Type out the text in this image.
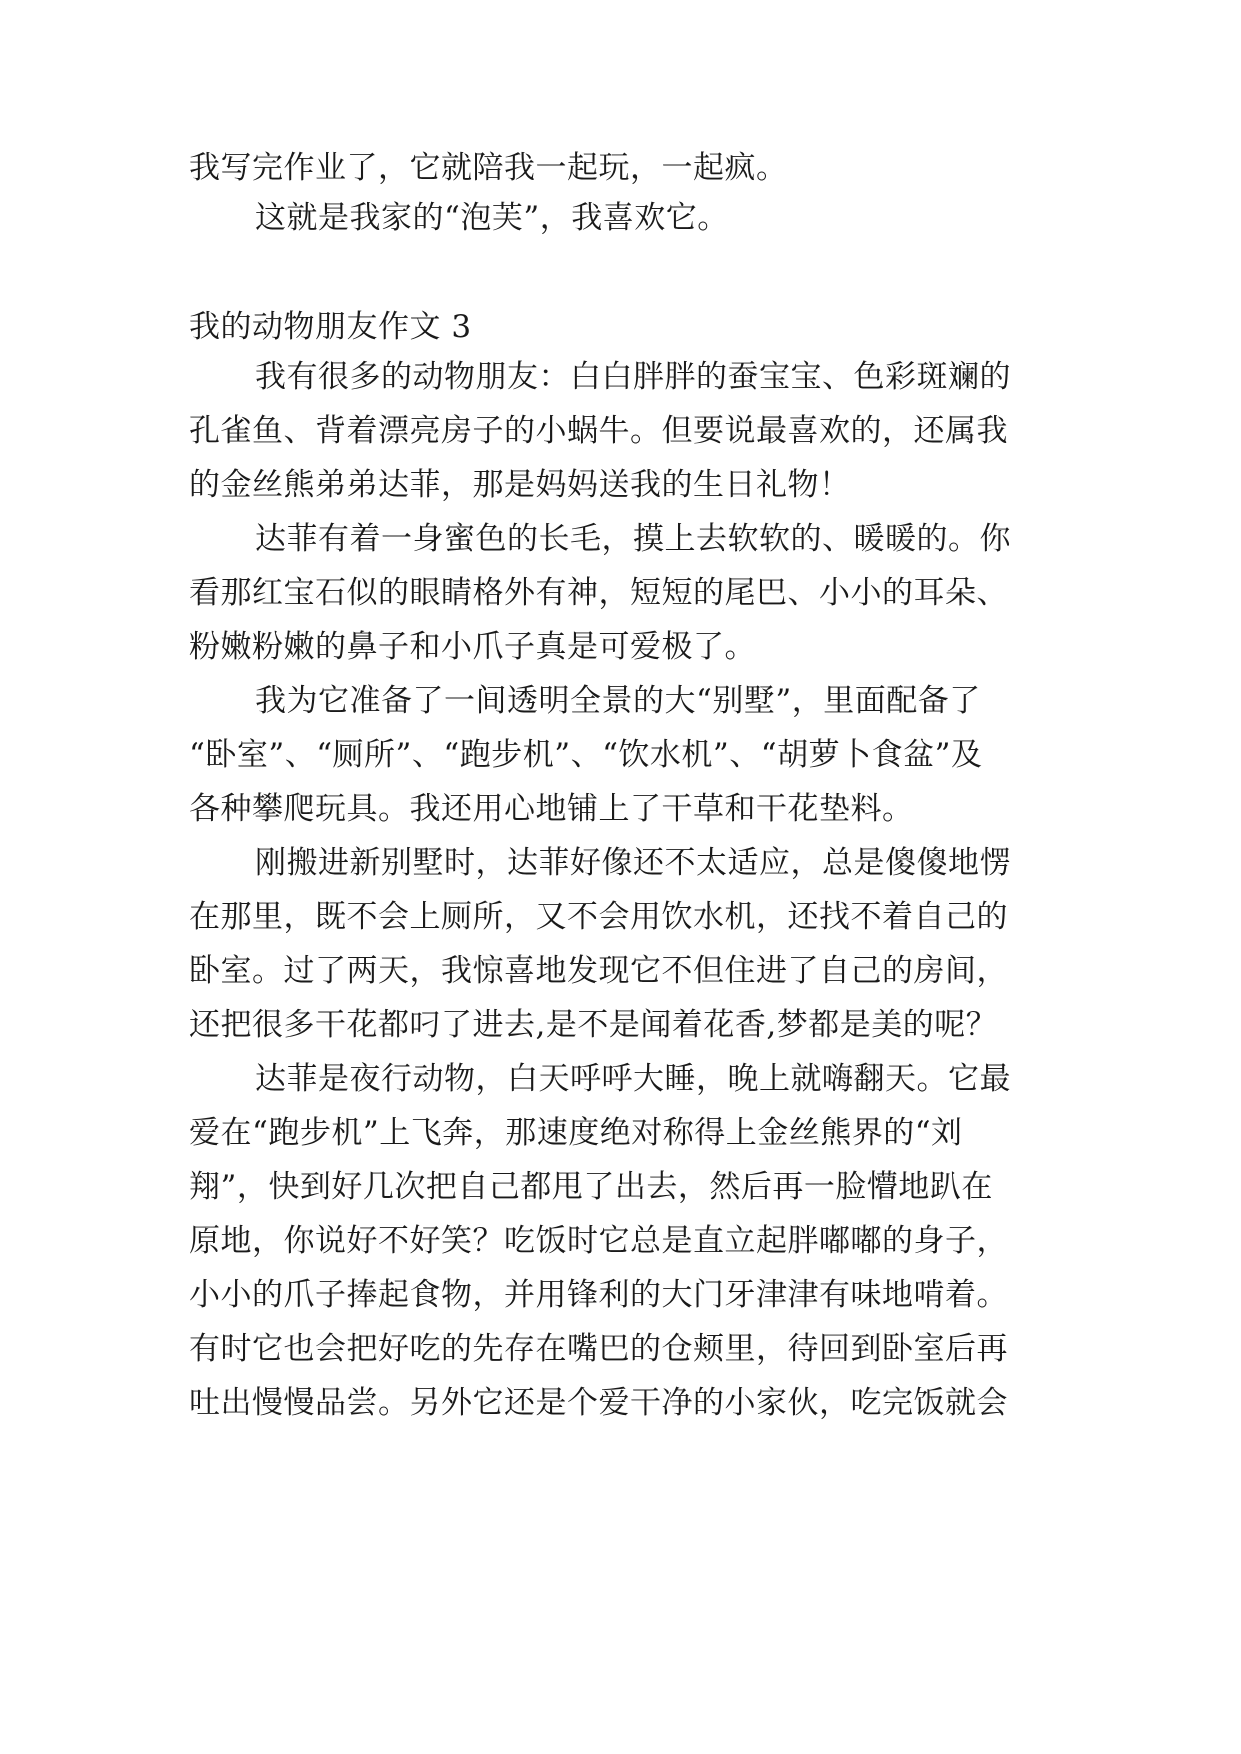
我写完作业了，它就陪我一起玩，一起疯。
这就是我家的“泡芙”，我喜欢它。
我的动物朋友作文 3
我有很多的动物朋友：白白胖胖的蚕宝宝、色彩斑斓的
孔雀鱼、背着漂亮房子的小蜗牛。但要说最喜欢的，还属我
的金丝熊弟弟达菲，那是妈妈送我的生日礼物！
达菲有着一身蜜色的长毛，摸上去软软的、暖暖的。你
看那红宝石似的眼睛格外有神，短短的尾巴、小小的耳朵、
粉嫩粉嫩的鼻子和小爪子真是可爱极了。
我为它准备了一间透明全景的大“别墅”，里面配备了
“卧室”、“厕所”、“跑步机”、“饮水机”、“胡萝卜食盆”及
各种攀爬玩具。我还用心地铺上了干草和干花垫料。
刚搬进新别墅时，达菲好像还不太适应，总是傻傻地愣
在那里，既不会上厕所，又不会用饮水机，还找不着自己的
卧室。过了两天，我惊喜地发现它不但住进了自己的房间，
还把很多干花都叼了进去,是不是闻着花香,梦都是美的呢？
达菲是夜行动物，白天呼呼大睡，晚上就嗨翻天。它最
爱在“跑步机”上飞奔，那速度绝对称得上金丝熊界的“刘
翔”，快到好几次把自己都甩了出去，然后再一脸懵地趴在
原地，你说好不好笑？吃饭时它总是直立起胖嘟嘟的身子，
小小的爪子捧起食物，并用锋利的大门牙津津有味地啃着。
有时它也会把好吃的先存在嘴巴的仓颊里，待回到卧室后再
吐出慢慢品尝。另外它还是个爱干净的小家伙，吃完饭就会
